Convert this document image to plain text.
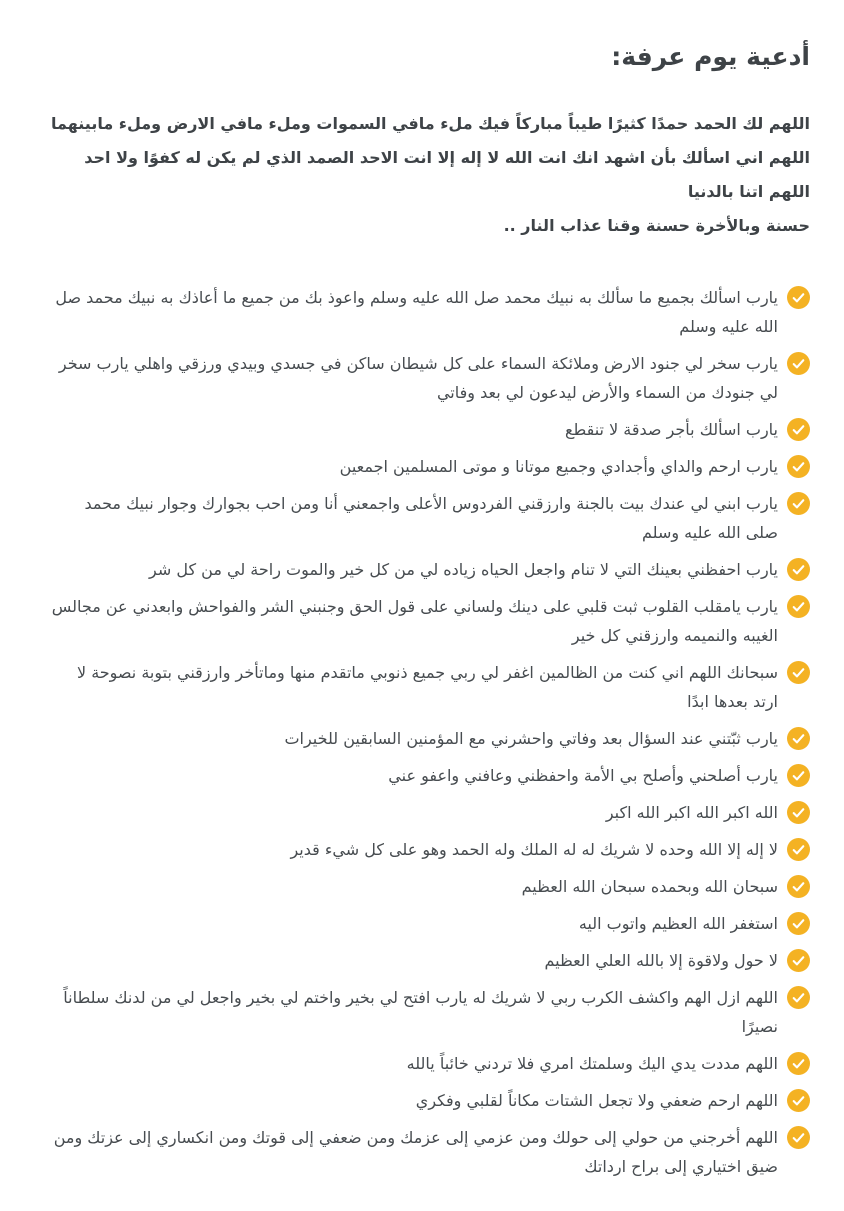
أدعية يوم عرفة:
اللهم لك الحمد حمدًا كثيرًا طيباً مباركاً فيك ملء مافي السموات وملء مافي الارض وملء مابينهما
اللهم اني اسألك بأن اشهد انك انت الله لا إله إلا انت الاحد الصمد الذي لم يكن له كفوًا ولا احد اللهم اتنا بالدنيا
حسنة وبالأخرة حسنة وقنا عذاب النار ..
يارب اسألك بجميع ما سألك به نبيك محمد صل الله عليه وسلم واعوذ بك من جميع ما أعاذك به نبيك محمد صل الله عليه وسلم
يارب سخر لي جنود الارض وملائكة السماء على كل شيطان ساكن في جسدي وبيدي ورزقي واهلي يارب سخر لي جنودك من السماء والأرض ليدعون لي بعد وفاتي
يارب اسألك بأجر صدقة لا تنقطع
يارب ارحم والداي وأجدادي وجميع موتانا و موتى المسلمين اجمعين
يارب ابني لي عندك بيت بالجنة وارزقني الفردوس الأعلى واجمعني أنا ومن احب بجوارك وجوار نبيك محمد صلى الله عليه وسلم
يارب احفظني بعينك التي لا تنام واجعل الحياه زياده لي من كل خير والموت راحة لي من كل شر
يارب يامقلب القلوب ثبت قلبي على دينك ولساني على قول الحق وجنبني الشر والفواحش وابعدني عن مجالس الغيبه والنميمه وارزقني كل خير
سبحانك اللهم اني كنت من الظالمين اغفر لي ربي جميع ذنوبي ماتقدم منها وماتأخر وارزقني بتوبة نصوحة لا ارتد بعدها ابدًا
يارب ثبّتني عند السؤال بعد وفاتي واحشرني مع المؤمنين السابقين للخيرات
يارب أصلحني وأصلح بي الأمة واحفظني وعافني واعفو عني
الله اكبر الله اكبر الله اكبر
لا إله إلا الله وحده لا شريك له له الملك وله الحمد وهو على كل شيء قدير
سبحان الله وبحمده سبحان الله العظيم
استغفر الله العظيم واتوب اليه
لا حول ولاقوة إلا بالله العلي العظيم
اللهم ازل الهم واكشف الكرب ربي لا شريك له يارب افتح لي بخير واختم لي بخير واجعل لي من لدنك سلطاناً نصيرًا
اللهم مددت يدي اليك وسلمتك امري فلا تردني خائباً يالله
اللهم ارحم ضعفي ولا تجعل الشتات مكاناً لقلبي وفكري
اللهم أخرجني من حولي إلى حولك ومن عزمي إلى عزمك ومن ضعفي إلى قوتك ومن انكساري إلى عزتك ومن ضيق اختياري إلى براح ارداتك
